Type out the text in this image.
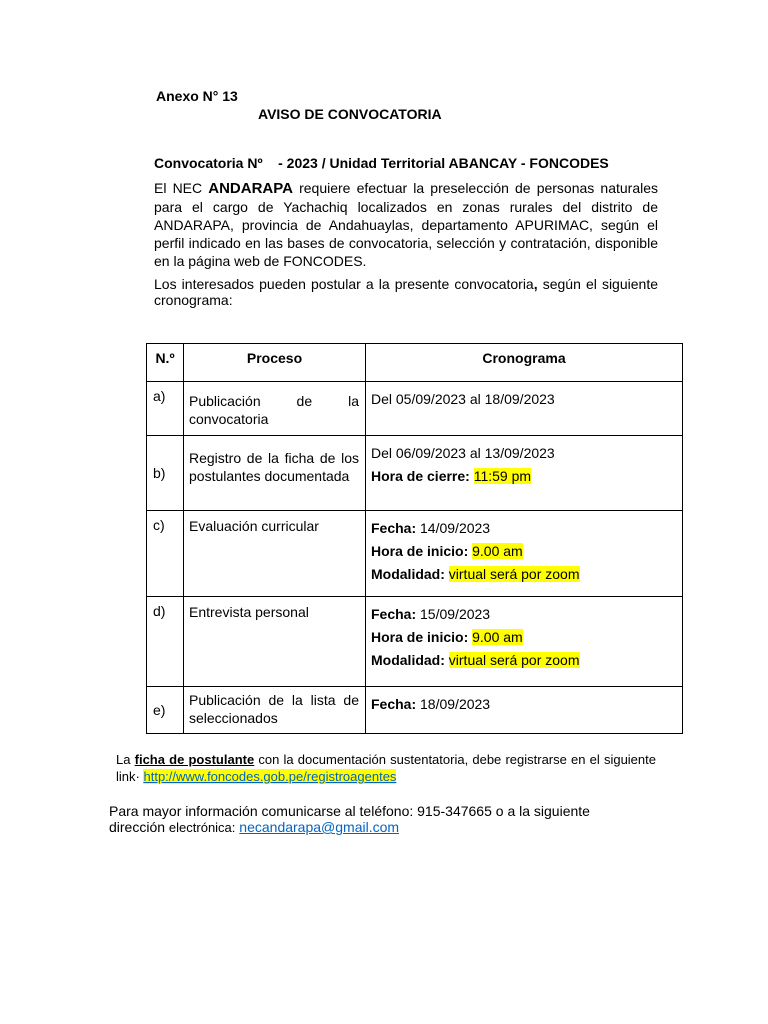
Anexo N° 13
AVISO DE CONVOCATORIA
Convocatoria Nº    - 2023 / Unidad Territorial ABANCAY - FONCODES
El NEC ANDARAPA requiere efectuar la preselección de personas naturales para el cargo de Yachachiq localizados en zonas rurales del distrito de ANDARAPA, provincia de Andahuaylas, departamento APURIMAC, según el perfil indicado en las bases de convocatoria, selección y contratación, disponible en la página web de FONCODES.
Los interesados pueden postular a la presente convocatoria, según el siguiente cronograma:
N.º	Proceso	Cronograma
a)	Publicación de la convocatoria	Del 05/09/2023 al 18/09/2023

b)	Registro de la ficha de los postulantes documentada	Del 06/09/2023 al 13/09/2023
Hora de cierre: 11:59 pm

c)	Evaluación curricular	Fecha: 14/09/2023
Hora de inicio: 9.00 am
Modalidad: virtual será por zoom

d)	Entrevista personal	Fecha: 15/09/2023
Hora de inicio: 9.00 am
Modalidad: virtual será por zoom

e)	Publicación de la lista de seleccionados	Fecha: 18/09/2023
La ficha de postulante con la documentación sustentatoria, debe registrarse en el siguiente link· http://www.foncodes.gob.pe/registroagentes
Para mayor información comunicarse al teléfono: 915-347665 o a la siguiente
dirección electrónica: necandarapa@gmail.com
